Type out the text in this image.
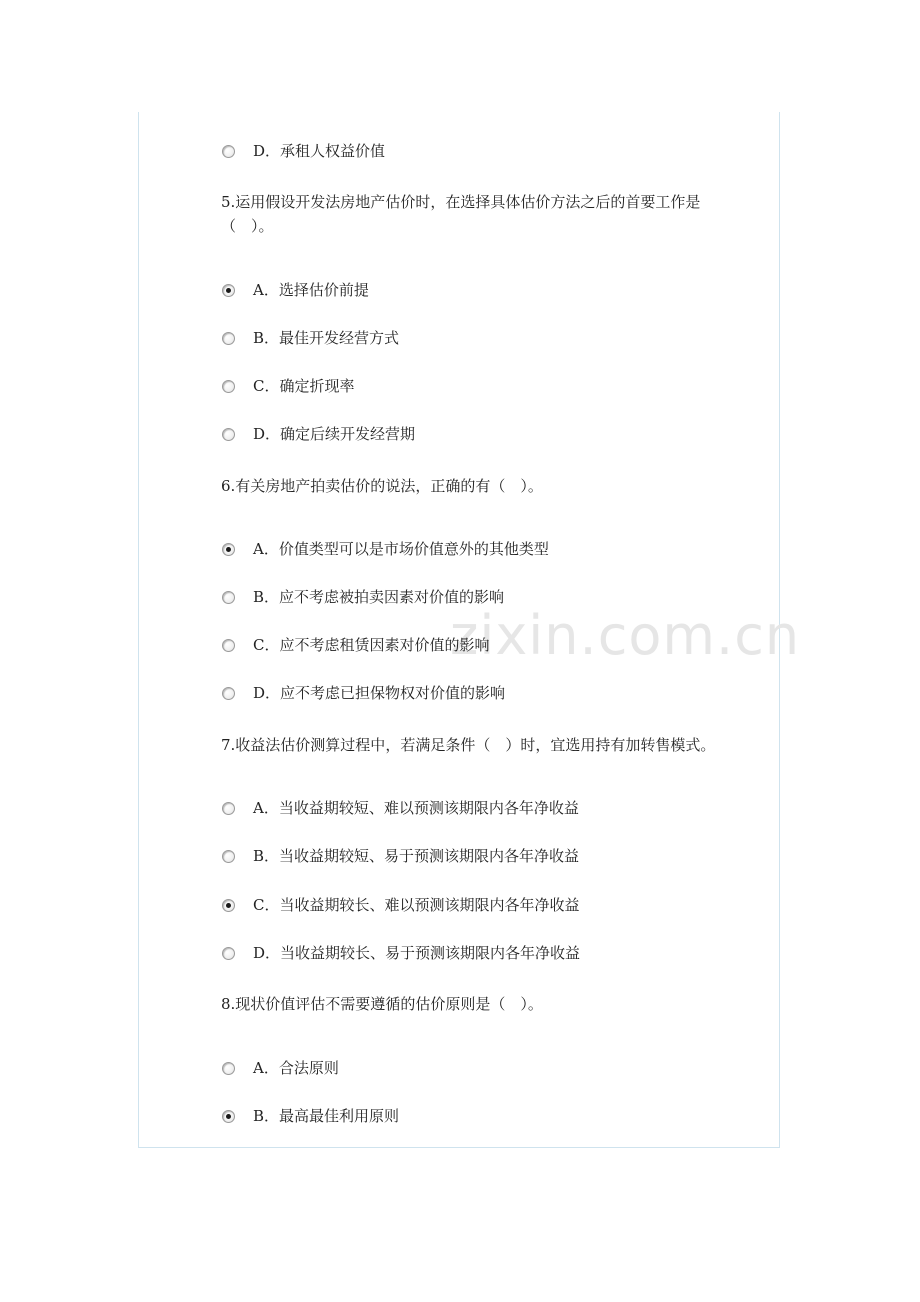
zixin.com.cn
D．承租人权益价值
5.运用假设开发法房地产估价时，在选择具体估价方法之后的首要工作是（　）。
A．选择估价前提
B．最佳开发经营方式
C．确定折现率
D．确定后续开发经营期
6.有关房地产拍卖估价的说法，正确的有（　）。
A．价值类型可以是市场价值意外的其他类型
B．应不考虑被拍卖因素对价值的影响
C．应不考虑租赁因素对价值的影响
D．应不考虑已担保物权对价值的影响
7.收益法估价测算过程中，若满足条件（　）时，宜选用持有加转售模式。
A．当收益期较短、难以预测该期限内各年净收益
B．当收益期较短、易于预测该期限内各年净收益
C．当收益期较长、难以预测该期限内各年净收益
D．当收益期较长、易于预测该期限内各年净收益
8.现状价值评估不需要遵循的估价原则是（　）。
A．合法原则
B．最高最佳利用原则
